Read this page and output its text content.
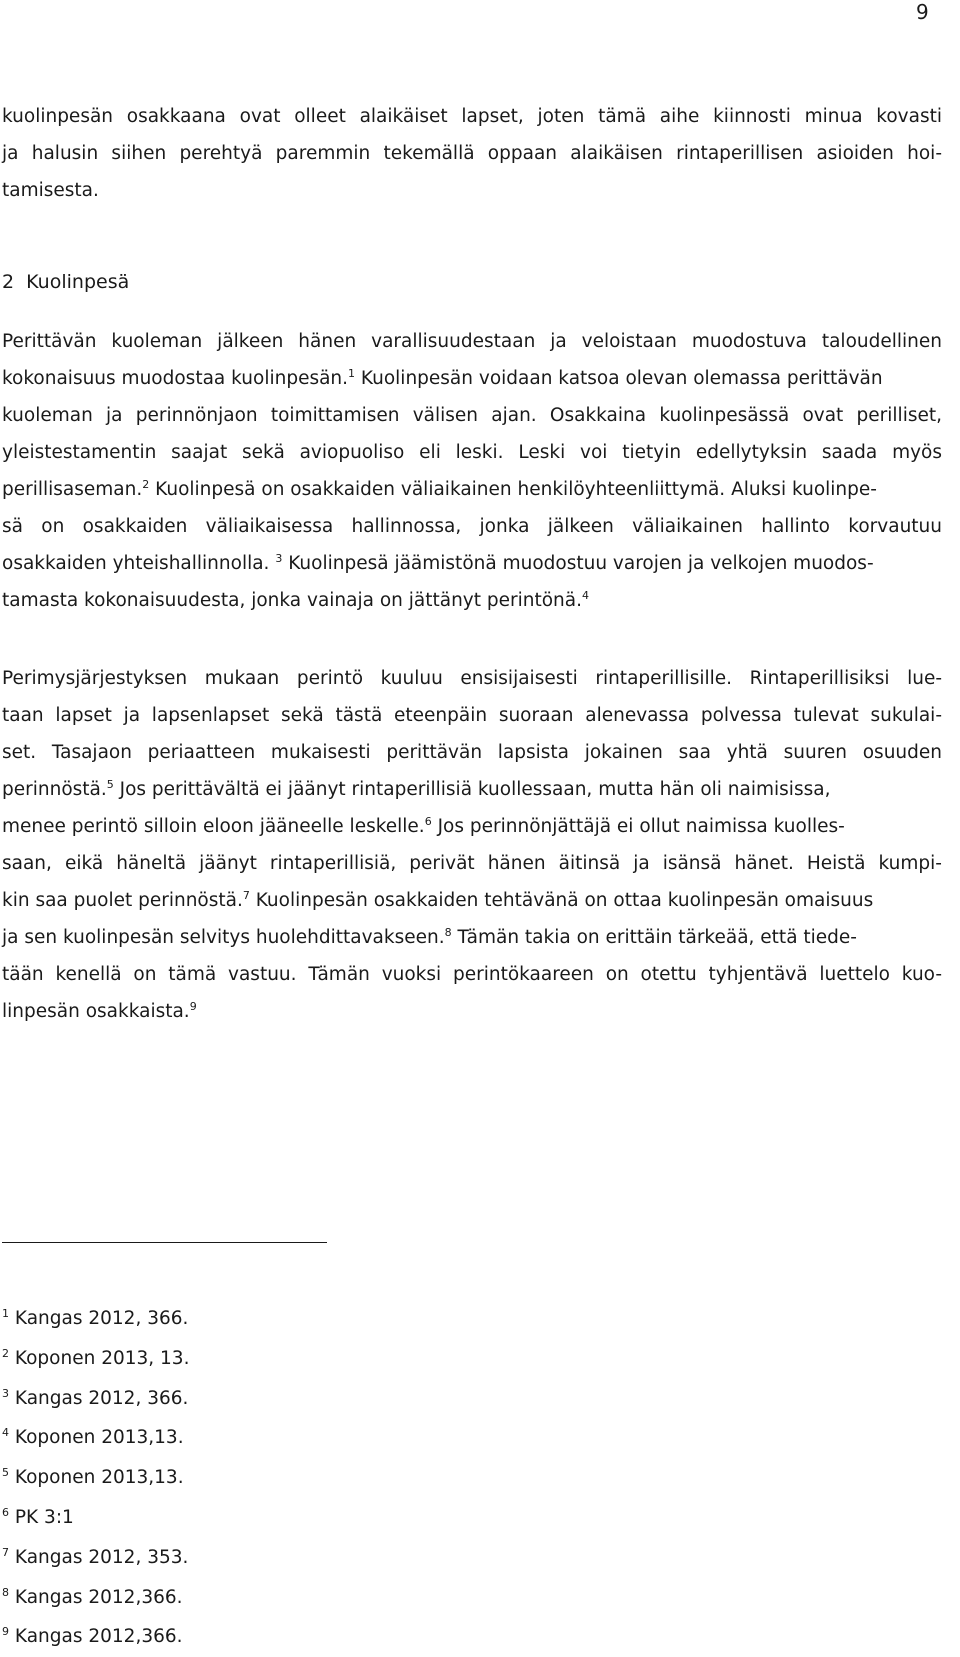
9
kuolinpesän osakkaana ovat olleet alaikäiset lapset, joten tämä aihe kiinnosti minua kovasti
ja halusin siihen perehtyä paremmin tekemällä oppaan alaikäisen rintaperillisen asioiden hoi-
tamisesta.
2  Kuolinpesä
Perittävän kuoleman jälkeen hänen varallisuudestaan ja veloistaan muodostuva taloudellinen
kokonaisuus muodostaa kuolinpesän.$^1$ Kuolinpesän voidaan katsoa olevan olemassa perittävän
kuoleman ja perinnönjaon toimittamisen välisen ajan. Osakkaina kuolinpesässä ovat perilliset,
yleistestamentin saajat sekä aviopuoliso eli leski. Leski voi tietyin edellytyksin saada myös
perillisaseman.$^2$ Kuolinpesä on osakkaiden väliaikainen henkilöyhteenliittymä. Aluksi kuolinpe-
sä on osakkaiden väliaikaisessa hallinnossa, jonka jälkeen väliaikainen hallinto korvautuu
osakkaiden yhteishallinnolla. $^3$ Kuolinpesä jäämistönä muodostuu varojen ja velkojen muodos-
tamasta kokonaisuudesta, jonka vainaja on jättänyt perintönä.$^4$
Perimysjärjestyksen mukaan perintö kuuluu ensisijaisesti rintaperillisille. Rintaperillisiksi lue-
taan lapset ja lapsenlapset sekä tästä eteenpäin suoraan alenevassa polvessa tulevat sukulai-
set. Tasajaon periaatteen mukaisesti perittävän lapsista jokainen saa yhtä suuren osuuden
perinnöstä.$^5$ Jos perittävältä ei jäänyt rintaperillisiä kuollessaan, mutta hän oli naimisissa,
menee perintö silloin eloon jääneelle leskelle.$^6$ Jos perinnönjättäjä ei ollut naimissa kuolles-
saan, eikä häneltä jäänyt rintaperillisiä, perivät hänen äitinsä ja isänsä hänet. Heistä kumpi-
kin saa puolet perinnöstä.$^7$ Kuolinpesän osakkaiden tehtävänä on ottaa kuolinpesän omaisuus
ja sen kuolinpesän selvitys huolehdittavakseen.$^8$ Tämän takia on erittäin tärkeää, että tiede-
tään kenellä on tämä vastuu. Tämän vuoksi perintökaareen on otettu tyhjentävä luettelo kuo-
linpesän osakkaista.$^9$
$^1$ Kangas 2012, 366.
$^2$ Koponen 2013, 13.
$^3$ Kangas 2012, 366.
$^4$ Koponen 2013,13.
$^5$ Koponen 2013,13.
$^6$ PK 3:1
$^7$ Kangas 2012, 353.
$^8$ Kangas 2012,366.
$^9$ Kangas 2012,366.
